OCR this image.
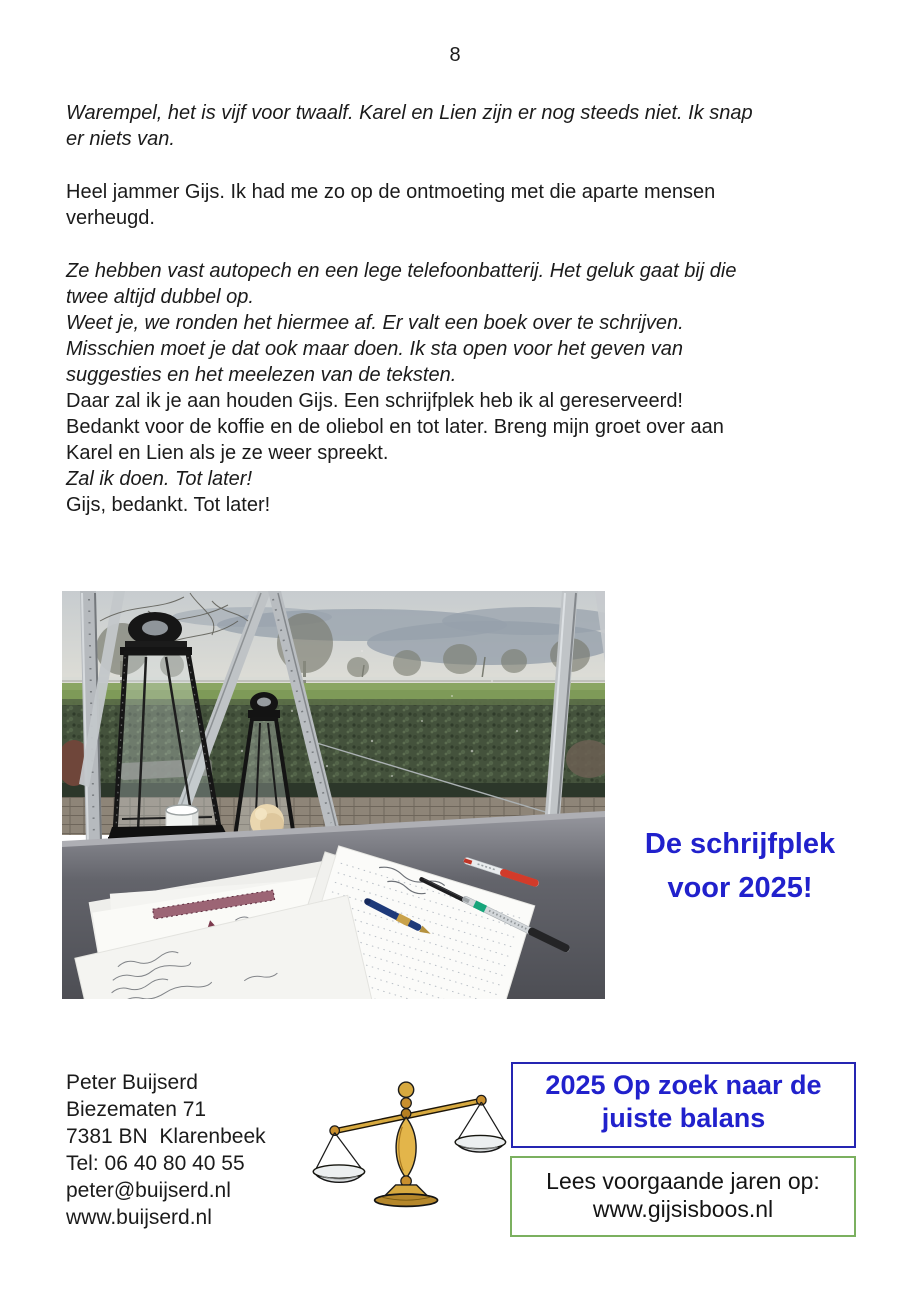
8
Warempel, het is vijf voor twaalf. Karel en Lien zijn er nog steeds niet. Ik snap
er niets van.
Heel jammer Gijs. Ik had me zo op de ontmoeting met die aparte mensen
verheugd.
Ze hebben vast autopech en een lege telefoonbatterij. Het geluk gaat bij die
twee altijd dubbel op.
Weet je, we ronden het hiermee af. Er valt een boek over te schrijven.
Misschien moet je dat ook maar doen. Ik sta open voor het geven van
suggesties en het meelezen van de teksten.
Daar zal ik je aan houden Gijs. Een schrijfplek heb ik al gereserveerd!
Bedankt voor de koffie en de oliebol en tot later. Breng mijn groet over aan
Karel en Lien als je ze weer spreekt.
Zal ik doen. Tot later!
Gijs, bedankt. Tot later!
De schrijfplek
voor 2025!
Peter Buijserd
Biezematen 71
7381 BN  Klarenbeek
Tel: 06 40 80 40 55
peter@buijserd.nl
www.buijserd.nl
2025 Op zoek naar de
juiste balans
Lees voorgaande jaren op:
www.gijsisboos.nl
